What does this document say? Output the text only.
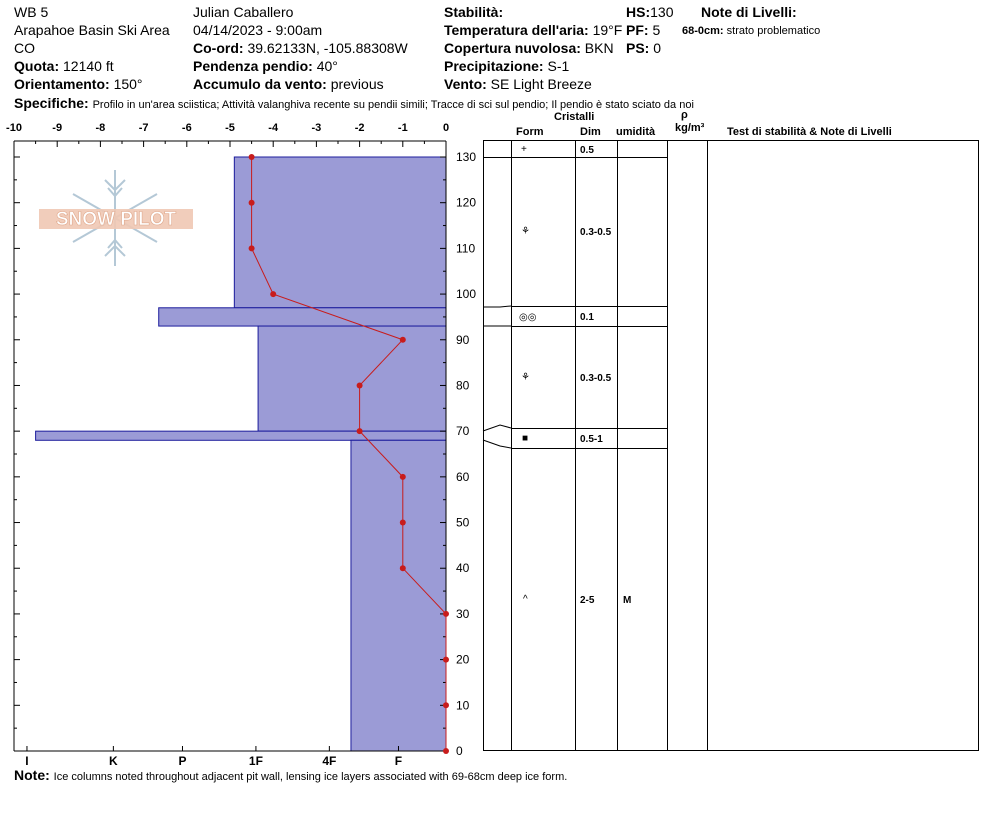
WB 5
Arapahoe Basin Ski Area
CO
Quota: 12140 ft
Orientamento: 150°
Julian Caballero
04/14/2023 - 9:00am
Co-ord: 39.62133N, -105.88308W
Pendenza pendio: 40°
Accumulo da vento: previous
Stabilità:
Temperatura dell'aria: 19°F
Copertura nuvolosa: BKN
Precipitazione: S-1
Vento: SE Light Breeze
HS:130
PF: 5
PS: 0
Note di Livelli:
68-0cm: strato problematico
Specifiche: Profilo in un'area sciistica; Attività valanghiva recente su pendii simili; Tracce di sci sul pendio; Il pendio è stato sciato da noi
SNOW PILOT
-10	-9	-8	-7	-6	-5	-4	-3	-2	-1	0
0
10
20
30
40
50
60
70
80
90
100
110
120
130
I	K	P	1F	4F	F
Cristalli
Form	Dim umidità
ρ
kg/m³ Test di stabilità & Note di Livelli
+	0.5
⚘	0.3-0.5
◎◎	0.1
⚘	0.3-0.5
■	0.5-1
^	2-5	M
Note: Ice columns noted throughout adjacent pit wall, lensing ice layers associated with 69-68cm deep ice form.
